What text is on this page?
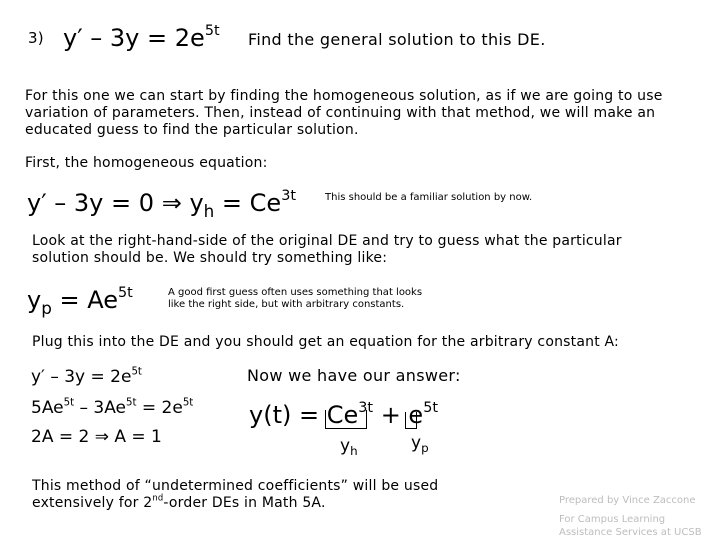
3) $y' - 3y = 2e^{5t}$ Find the general solution to this DE.
For this one we can start by finding the homogeneous solution, as if we are going to use
variation of parameters. Then, instead of continuing with that method, we will make an
educated guess to find the particular solution.
First, the homogeneous equation:
y′ – 3y = 0 ⇒ $y_h = Ce^{3t}$	This should be a familiar solution by now.
Look at the right-hand-side of the original DE and try to guess what the particular
solution should be. We should try something like:
$y_p = Ae^{5t}$	A good first guess often uses something that looks
like the right side, but with arbitrary constants.
Plug this into the DE and you should get an equation for the arbitrary constant A:
$y' - 3y = 2e^{5t}$
$5Ae^{5t} - 3Ae^{5t} = 2e^{5t}$
2A = 2 ⇒ A = 1
Now we have our answer:
$y(t) = Ce^{3t} + e^{5t}$
$y_h$	$y_p$
This method of “undetermined coefficients” will be used
extensively for 2nd-order DEs in Math 5A.	Prepared by Vince Zaccone
For Campus Learning
Assistance Services at UCSB
